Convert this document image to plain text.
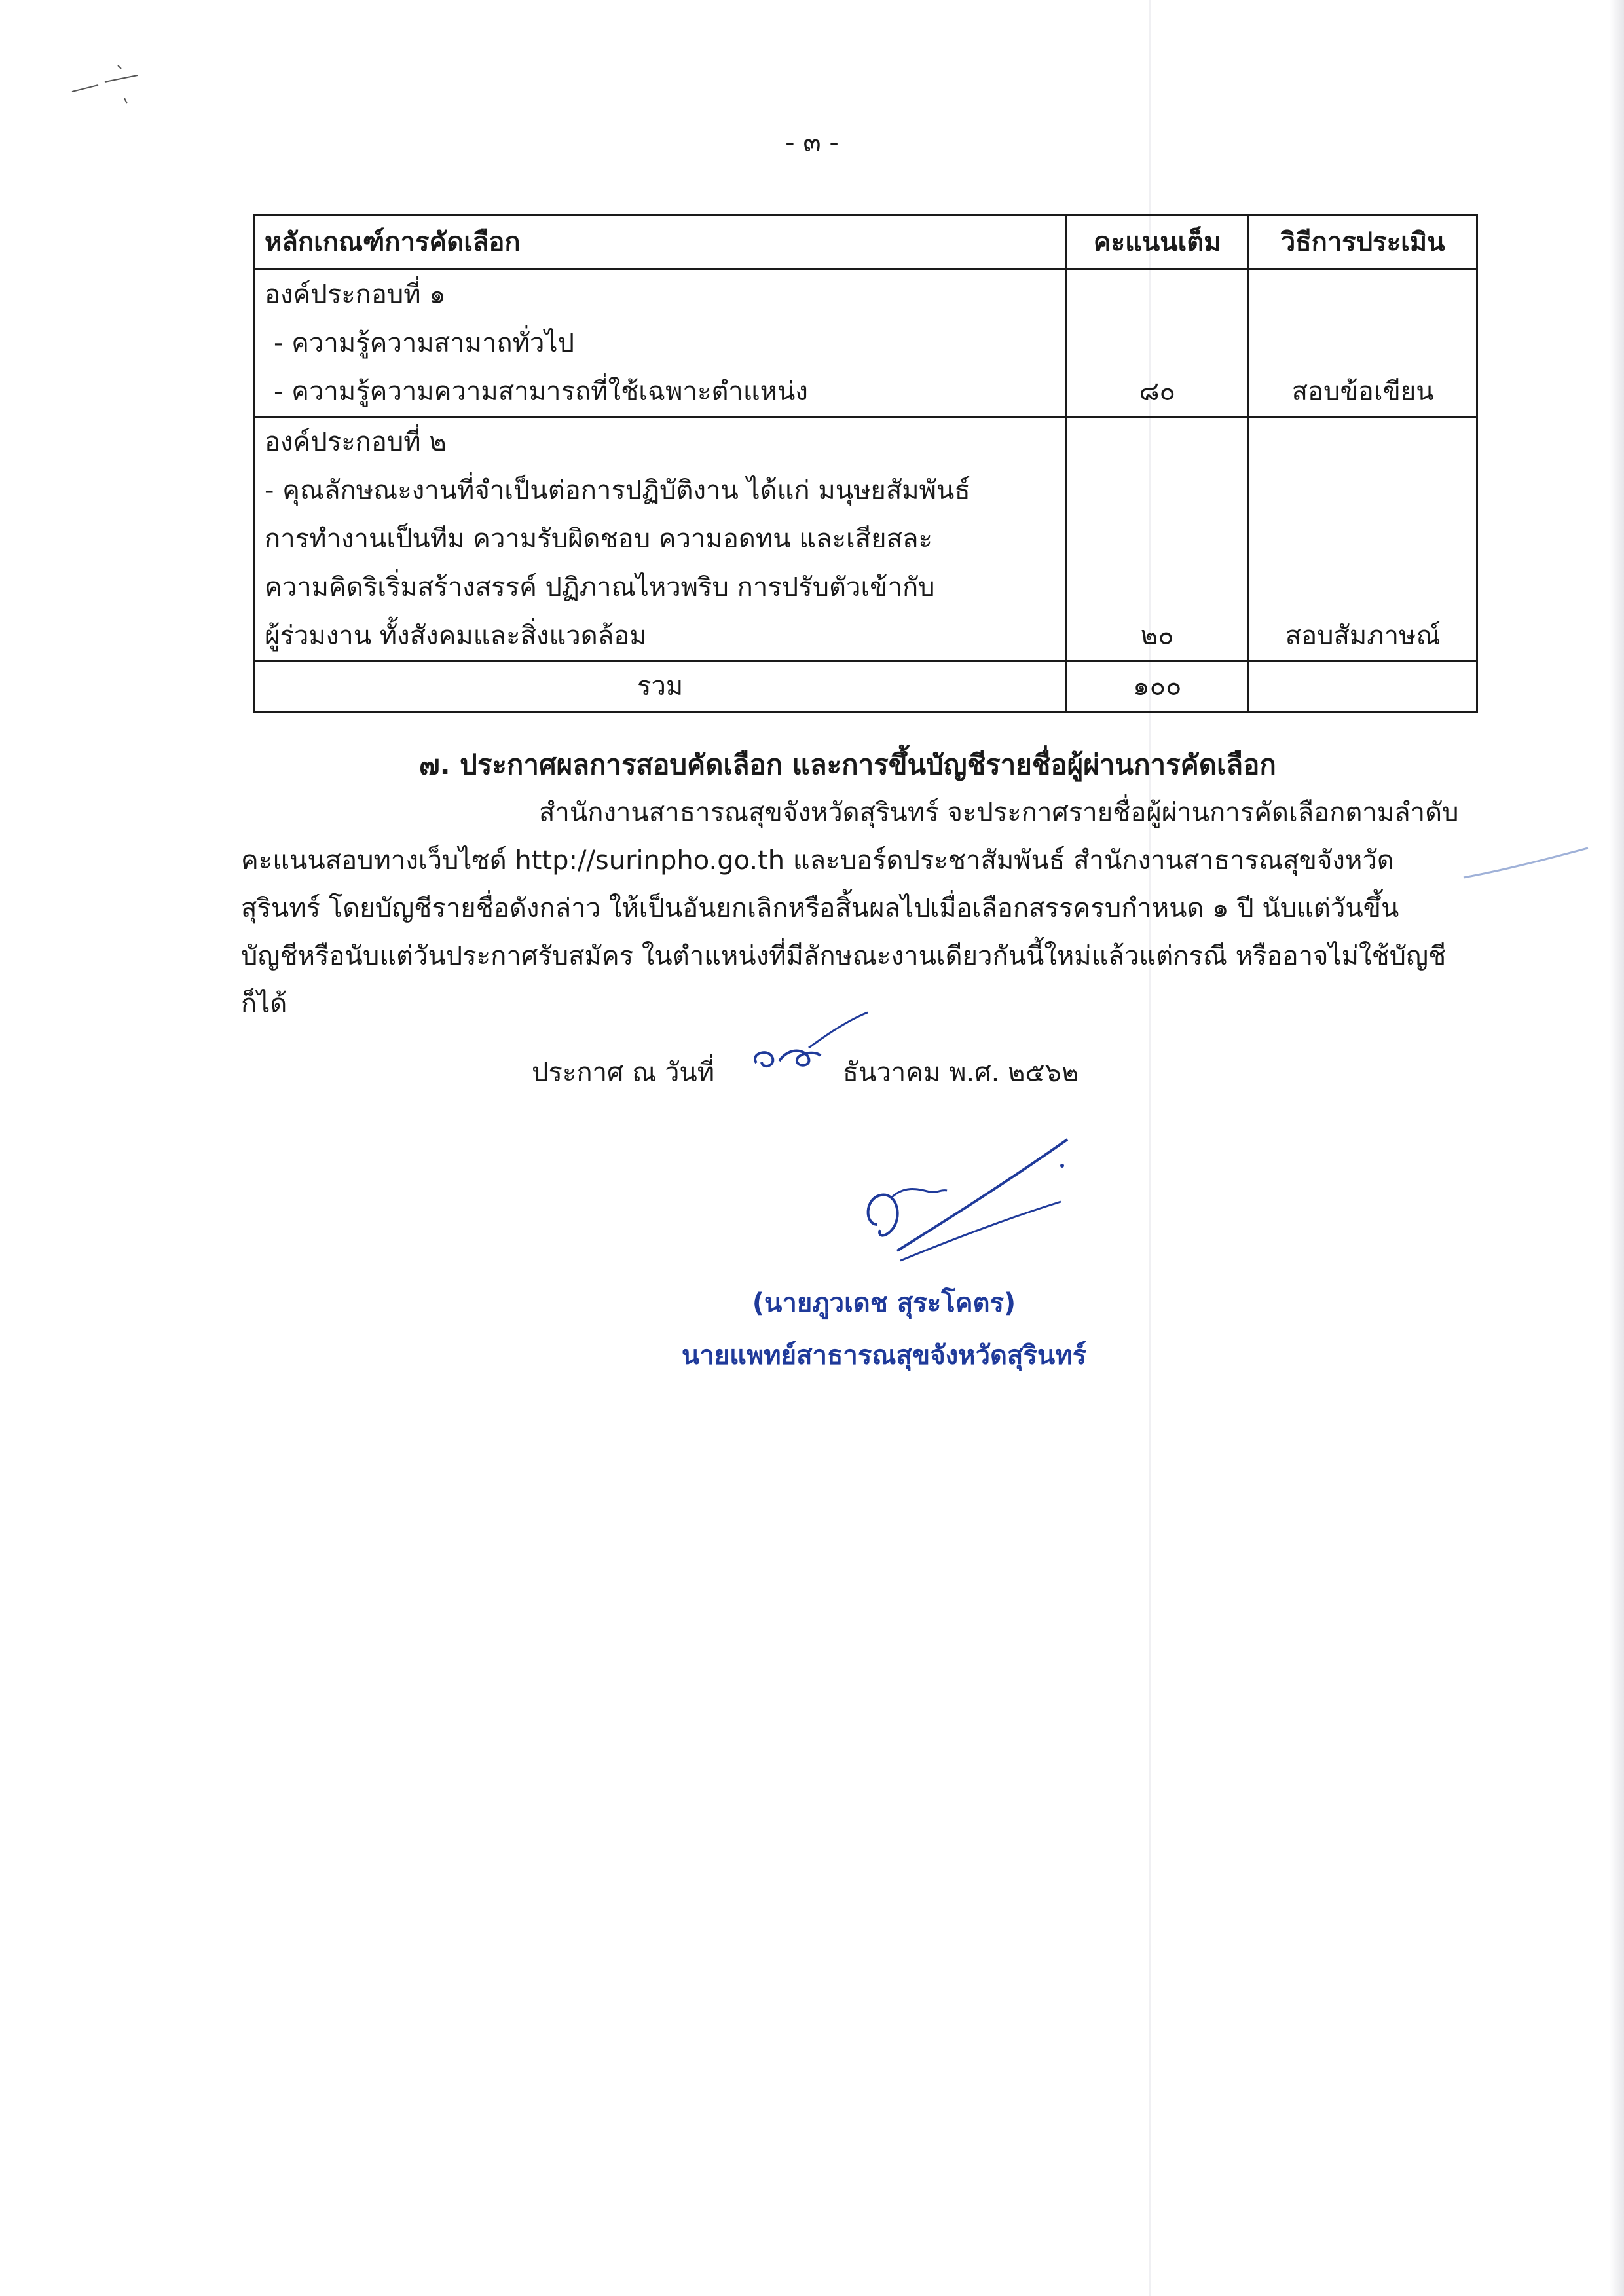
- ๓ -
หลักเกณฑ์การคัดเลือก	คะแนนเต็ม	วิธีการประเมิน

องค์ประกอบที่ ๑
- ความรู้ความสามาถทั่วไป
- ความรู้ความความสามารถที่ใช้เฉพาะตำแหน่ง	๘๐	สอบข้อเขียน

องค์ประกอบที่ ๒
- คุณลักษณะงานที่จำเป็นต่อการปฏิบัติงาน ได้แก่ มนุษยสัมพันธ์
การทำงานเป็นทีม ความรับผิดชอบ ความอดทน และเสียสละ
ความคิดริเริ่มสร้างสรรค์ ปฏิภาณไหวพริบ การปรับตัวเข้ากับ
ผู้ร่วมงาน ทั้งสังคมและสิ่งแวดล้อม	๒๐	สอบสัมภาษณ์
รวม	๑๐๐	
๗. ประกาศผลการสอบคัดเลือก และการขึ้นบัญชีรายชื่อผู้ผ่านการคัดเลือก
สำนักงานสาธารณสุขจังหวัดสุรินทร์ จะประกาศรายชื่อผู้ผ่านการคัดเลือกตามลำดับ
คะแนนสอบทางเว็บไซด์ http://surinpho.go.th และบอร์ดประชาสัมพันธ์ สำนักงานสาธารณสุขจังหวัด
สุรินทร์ โดยบัญชีรายชื่อดังกล่าว ให้เป็นอันยกเลิกหรือสิ้นผลไปเมื่อเลือกสรรครบกำหนด ๑ ปี นับแต่วันขึ้น
บัญชีหรือนับแต่วันประกาศรับสมัคร ในตำแหน่งที่มีลักษณะงานเดียวกันนี้ใหม่แล้วแต่กรณี หรืออาจไม่ใช้บัญชี
ก็ได้
ประกาศ ณ วันที่	ธันวาคม พ.ศ. ๒๕๖๒
(นายภูวเดช สุระโคตร)
นายแพทย์สาธารณสุขจังหวัดสุรินทร์
